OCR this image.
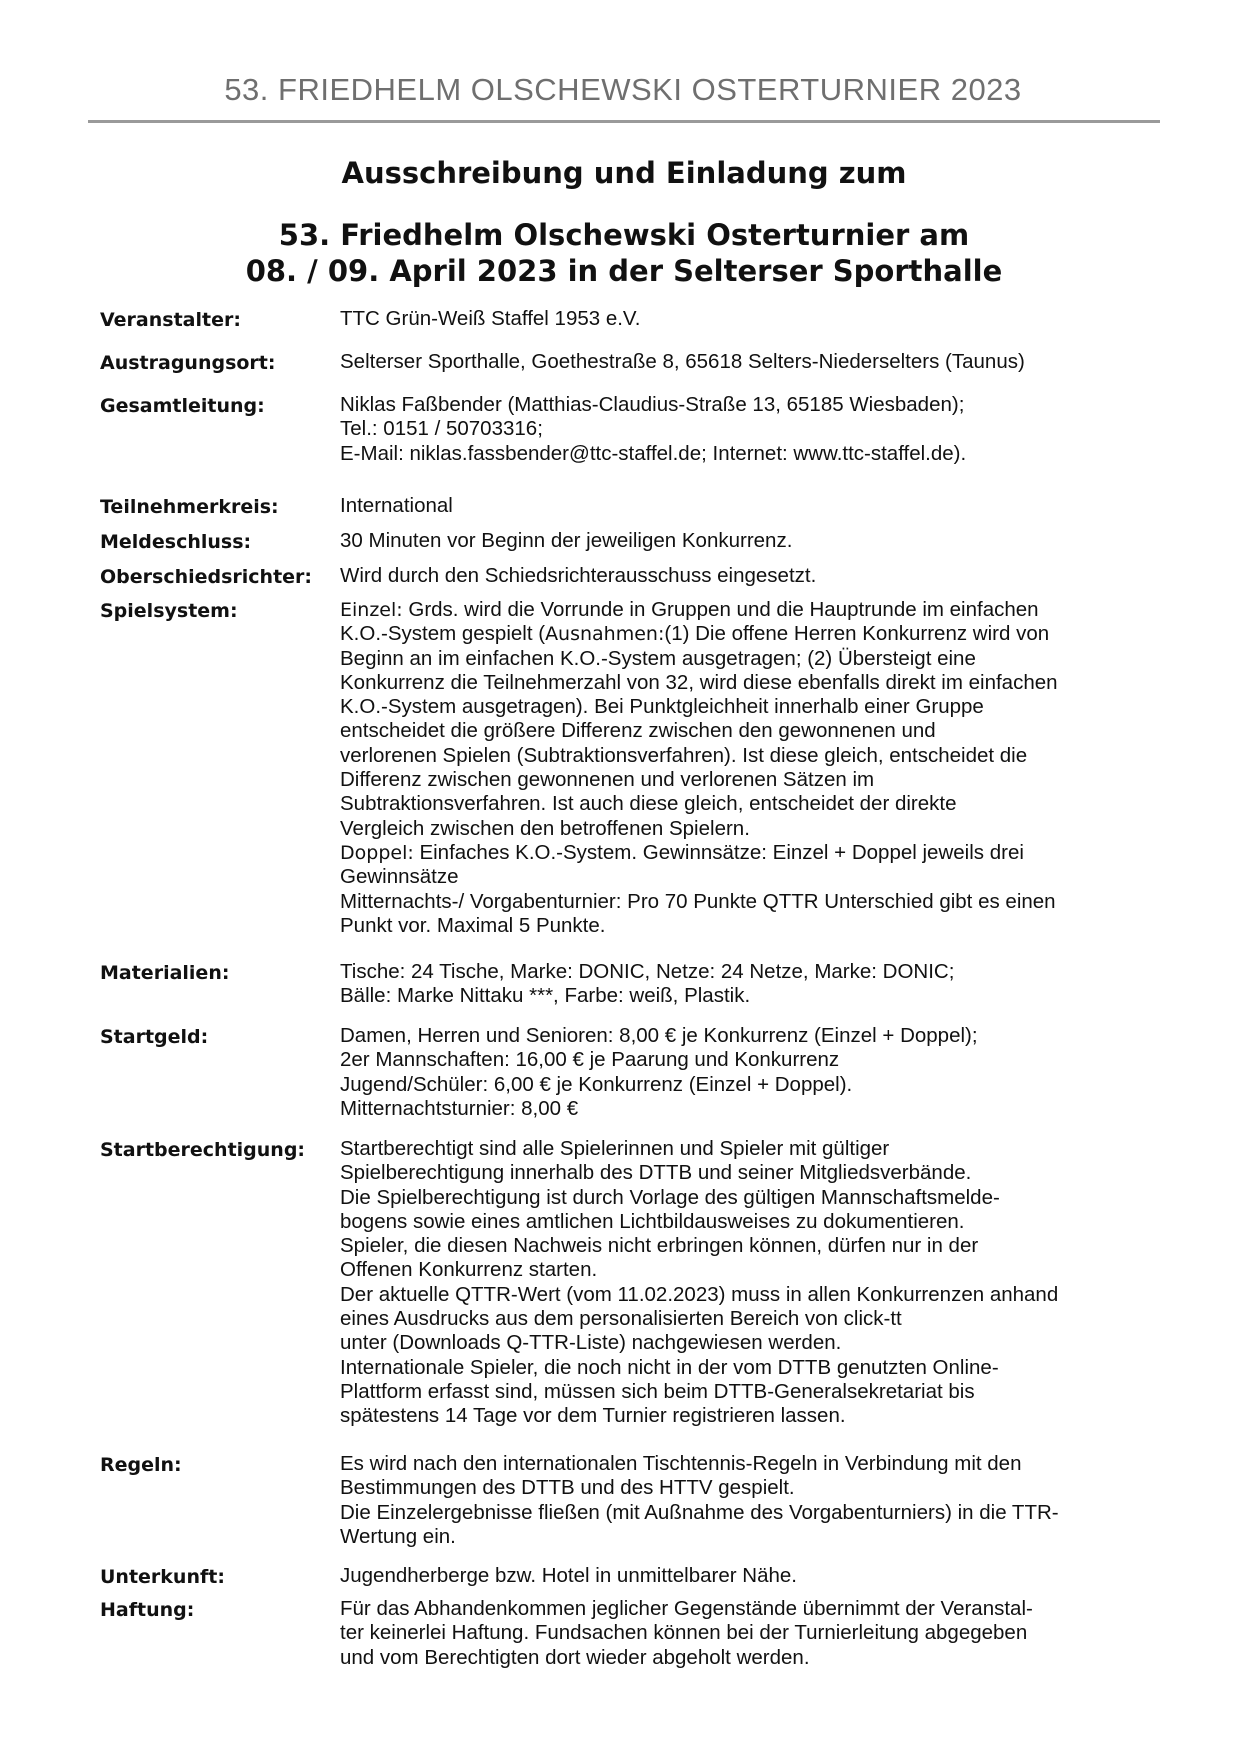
53. FRIEDHELM OLSCHEWSKI OSTERTURNIER 2023
Ausschreibung und Einladung zum
53. Friedhelm Olschewski Osterturnier am
08. / 09. April 2023 in der Selterser Sporthalle
Veranstalter:	TTC Grün-Weiß Staffel 1953 e.V.
Austragungsort:	Selterser Sporthalle, Goethestraße 8, 65618 Selters-Niederselters (Taunus)
Gesamtleitung:	Niklas Faßbender (Matthias-Claudius-Straße 13, 65185 Wiesbaden);
Tel.: 0151 / 50703316;
E-Mail: niklas.fassbender@ttc-staffel.de; Internet: www.ttc-staffel.de).
Teilnehmerkreis:	International
Meldeschluss:	30 Minuten vor Beginn der jeweiligen Konkurrenz.
Oberschiedsrichter:	Wird durch den Schiedsrichterausschuss eingesetzt.
Spielsystem:	Einzel: Grds. wird die Vorrunde in Gruppen und die Hauptrunde im einfachen
K.O.-System gespielt (Ausnahmen:(1) Die offene Herren Konkurrenz wird von
Beginn an im einfachen K.O.-System ausgetragen; (2) Übersteigt eine
Konkurrenz die Teilnehmerzahl von 32, wird diese ebenfalls direkt im einfachen
K.O.-System ausgetragen). Bei Punktgleichheit innerhalb einer Gruppe
entscheidet die größere Differenz zwischen den gewonnenen und
verlorenen Spielen (Subtraktionsverfahren). Ist diese gleich, entscheidet die
Differenz zwischen gewonnenen und verlorenen Sätzen im
Subtraktionsverfahren. Ist auch diese gleich, entscheidet der direkte
Vergleich zwischen den betroffenen Spielern.
Doppel: Einfaches K.O.-System. Gewinnsätze: Einzel + Doppel jeweils drei
Gewinnsätze
Mitternachts-/ Vorgabenturnier: Pro 70 Punkte QTTR Unterschied gibt es einen
Punkt vor. Maximal 5 Punkte.
Materialien:	Tische: 24 Tische, Marke: DONIC, Netze: 24 Netze, Marke: DONIC;
Bälle: Marke Nittaku ***, Farbe: weiß, Plastik.
Startgeld:	Damen, Herren und Senioren: 8,00 € je Konkurrenz (Einzel + Doppel);
2er Mannschaften: 16,00 € je Paarung und Konkurrenz
Jugend/Schüler: 6,00 € je Konkurrenz (Einzel + Doppel).
Mitternachtsturnier: 8,00 €
Startberechtigung:	Startberechtigt sind alle Spielerinnen und Spieler mit gültiger
Spielberechtigung innerhalb des DTTB und seiner Mitgliedsverbände.
Die Spielberechtigung ist durch Vorlage des gültigen Mannschaftsmelde-
bogens sowie eines amtlichen Lichtbildausweises zu dokumentieren.
Spieler, die diesen Nachweis nicht erbringen können, dürfen nur in der
Offenen Konkurrenz starten.
Der aktuelle QTTR-Wert (vom 11.02.2023) muss in allen Konkurrenzen anhand
eines Ausdrucks aus dem personalisierten Bereich von click-tt
unter (Downloads Q-TTR-Liste) nachgewiesen werden.
Internationale Spieler, die noch nicht in der vom DTTB genutzten Online-
Plattform erfasst sind, müssen sich beim DTTB-Generalsekretariat bis
spätestens 14 Tage vor dem Turnier registrieren lassen.
Regeln:	Es wird nach den internationalen Tischtennis-Regeln in Verbindung mit den
Bestimmungen des DTTB und des HTTV gespielt.
Die Einzelergebnisse fließen (mit Außnahme des Vorgabenturniers) in die TTR-
Wertung ein.
Unterkunft:	Jugendherberge bzw. Hotel in unmittelbarer Nähe.
Haftung:	Für das Abhandenkommen jeglicher Gegenstände übernimmt der Veranstal-
ter keinerlei Haftung. Fundsachen können bei der Turnierleitung abgegeben
und vom Berechtigten dort wieder abgeholt werden.
